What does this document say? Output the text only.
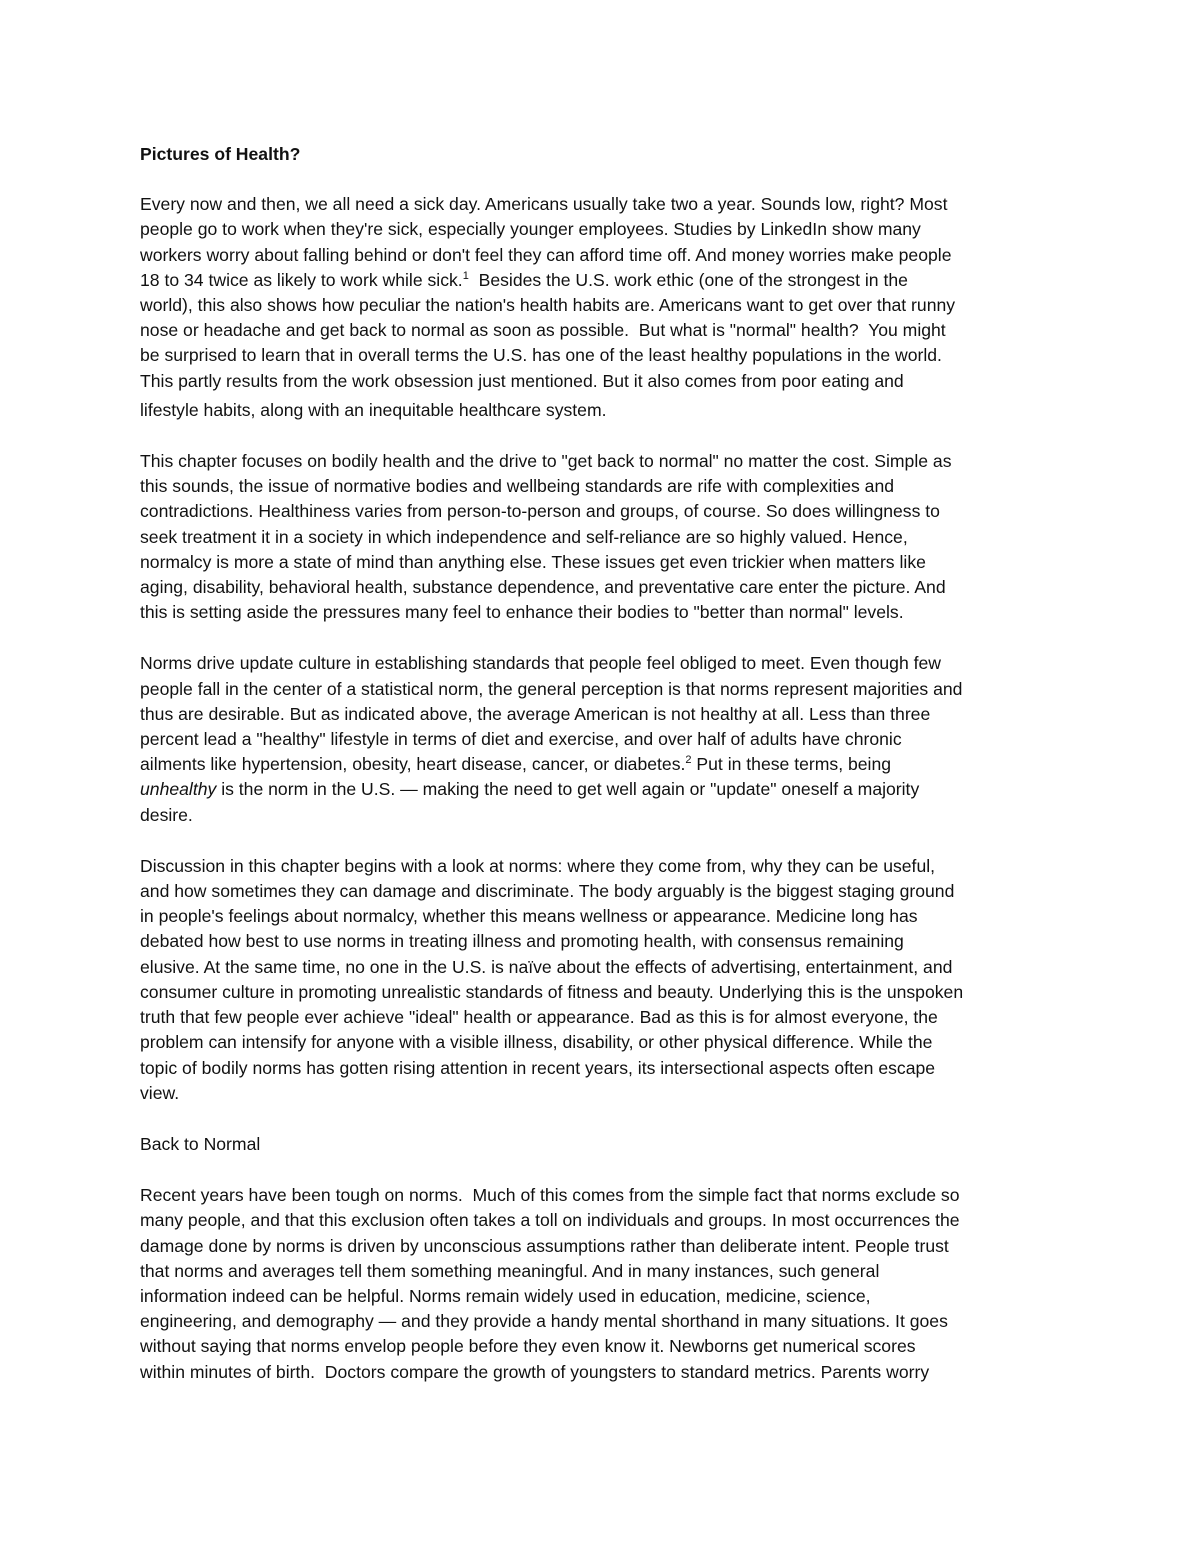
Pictures of Health?
Every now and then, we all need a sick day. Americans usually take two a year. Sounds low, right? Most
people go to work when they're sick, especially younger employees. Studies by LinkedIn show many
workers worry about falling behind or don't feel they can afford time off. And money worries make people
18 to 34 twice as likely to work while sick.$^1$  Besides the U.S. work ethic (one of the strongest in the
world), this also shows how peculiar the nation's health habits are. Americans want to get over that runny
nose or headache and get back to normal as soon as possible.  But what is "normal" health?  You might
be surprised to learn that in overall terms the U.S. has one of the least healthy populations in the world.
This partly results from the work obsession just mentioned. But it also comes from poor eating and
lifestyle habits, along with an inequitable healthcare system.
This chapter focuses on bodily health and the drive to "get back to normal" no matter the cost. Simple as
this sounds, the issue of normative bodies and wellbeing standards are rife with complexities and
contradictions. Healthiness varies from person-to-person and groups, of course. So does willingness to
seek treatment it in a society in which independence and self-reliance are so highly valued. Hence,
normalcy is more a state of mind than anything else. These issues get even trickier when matters like
aging, disability, behavioral health, substance dependence, and preventative care enter the picture. And
this is setting aside the pressures many feel to enhance their bodies to "better than normal" levels.
Norms drive update culture in establishing standards that people feel obliged to meet. Even though few
people fall in the center of a statistical norm, the general perception is that norms represent majorities and
thus are desirable. But as indicated above, the average American is not healthy at all. Less than three
percent lead a "healthy" lifestyle in terms of diet and exercise, and over half of adults have chronic
ailments like hypertension, obesity, heart disease, cancer, or diabetes.$^2$ Put in these terms, being
unhealthy is the norm in the U.S. — making the need to get well again or "update" oneself a majority
desire.
Discussion in this chapter begins with a look at norms: where they come from, why they can be useful,
and how sometimes they can damage and discriminate. The body arguably is the biggest staging ground
in people's feelings about normalcy, whether this means wellness or appearance. Medicine long has
debated how best to use norms in treating illness and promoting health, with consensus remaining
elusive. At the same time, no one in the U.S. is naïve about the effects of advertising, entertainment, and
consumer culture in promoting unrealistic standards of fitness and beauty. Underlying this is the unspoken
truth that few people ever achieve "ideal" health or appearance. Bad as this is for almost everyone, the
problem can intensify for anyone with a visible illness, disability, or other physical difference. While the
topic of bodily norms has gotten rising attention in recent years, its intersectional aspects often escape
view.
Back to Normal
Recent years have been tough on norms.  Much of this comes from the simple fact that norms exclude so
many people, and that this exclusion often takes a toll on individuals and groups. In most occurrences the
damage done by norms is driven by unconscious assumptions rather than deliberate intent. People trust
that norms and averages tell them something meaningful. And in many instances, such general
information indeed can be helpful. Norms remain widely used in education, medicine, science,
engineering, and demography — and they provide a handy mental shorthand in many situations. It goes
without saying that norms envelop people before they even know it. Newborns get numerical scores
within minutes of birth.  Doctors compare the growth of youngsters to standard metrics. Parents worry
